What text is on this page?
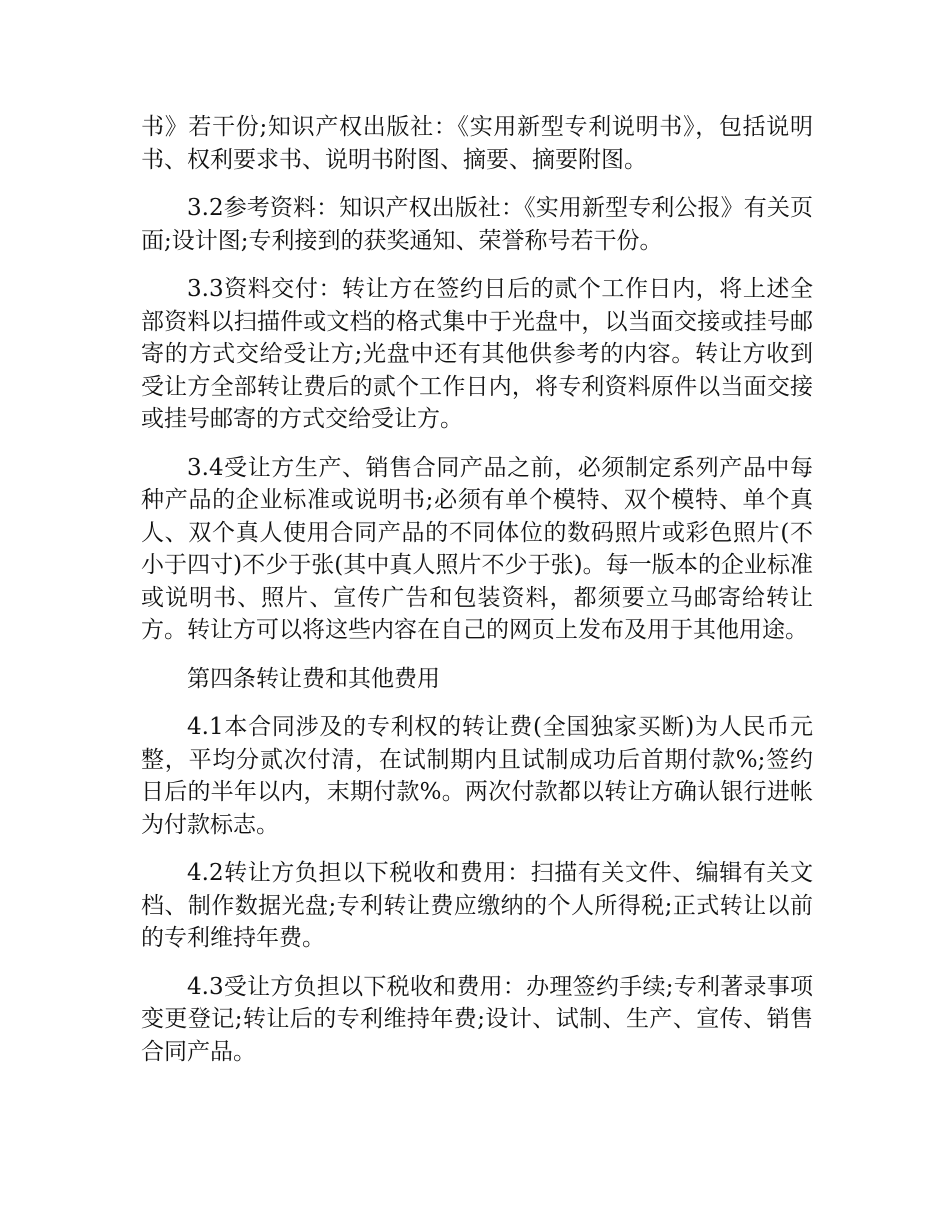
书》若干份;知识产权出版社：《实用新型专利说明书》，包括说明书、权利要求书、说明书附图、摘要、摘要附图。

3.2参考资料：知识产权出版社：《实用新型专利公报》有关页面;设计图;专利接到的获奖通知、荣誉称号若干份。

3.3资料交付：转让方在签约日后的贰个工作日内，将上述全部资料以扫描件或文档的格式集中于光盘中，以当面交接或挂号邮寄的方式交给受让方;光盘中还有其他供参考的内容。转让方收到受让方全部转让费后的贰个工作日内，将专利资料原件以当面交接或挂号邮寄的方式交给受让方。

3.4受让方生产、销售合同产品之前，必须制定系列产品中每种产品的企业标准或说明书;必须有单个模特、双个模特、单个真人、双个真人使用合同产品的不同体位的数码照片或彩色照片(不小于四寸)不少于张(其中真人照片不少于张)。每一版本的企业标准或说明书、照片、宣传广告和包装资料，都须要立马邮寄给转让方。转让方可以将这些内容在自己的网页上发布及用于其他用途。

第四条转让费和其他费用

4.1本合同涉及的专利权的转让费(全国独家买断)为人民币元整，平均分贰次付清，在试制期内且试制成功后首期付款%;签约日后的半年以内，末期付款%。两次付款都以转让方确认银行进帐为付款标志。

4.2转让方负担以下税收和费用：扫描有关文件、编辑有关文档、制作数据光盘;专利转让费应缴纳的个人所得税;正式转让以前的专利维持年费。

4.3受让方负担以下税收和费用：办理签约手续;专利著录事项变更登记;转让后的专利维持年费;设计、试制、生产、宣传、销售合同产品。
